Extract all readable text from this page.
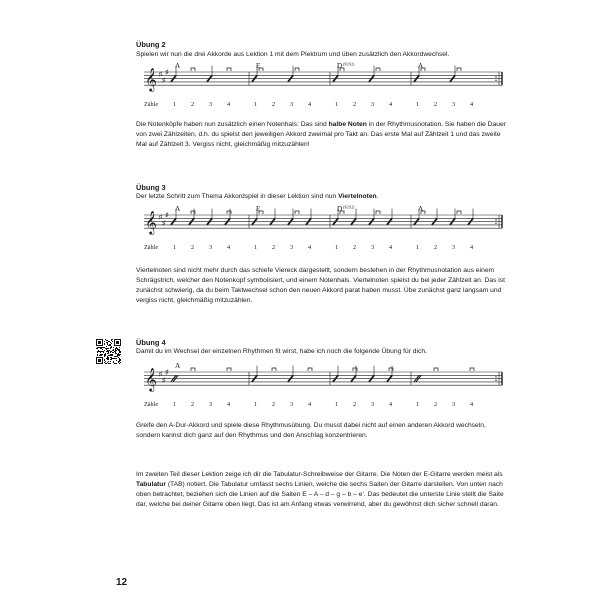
Übung 2
Spielen wir nun die drei Akkorde aus Lektion 1 mit dem Plektrum und üben zusätzlich den Akkordwechsel.
𝄞 ♯
♯
♯
Zähle
A
1 2 3 4
E
1 2 3 4
D (SUS2)
1 2 3 4
A
1 2 3 4
Die Notenköpfe haben nun zusätzlich einen Notenhals: Das sind halbe Noten in der Rhythmusnotation. Sie haben die Dauer von zwei Zählzeiten, d.h. du spielst den jeweiligen Akkord zweimal pro Takt an. Das erste Mal auf Zählzeit 1 und das zweite Mal auf Zählzeit 3. Vergiss nicht, gleichmäßig mitzuzählen!
Übung 3
Der letzte Schritt zum Thema Akkordspiel in dieser Lektion sind nun Viertelnoten.
𝄞 ♯
♯
♯
Zähle
A
1 2 3 4
E
1 2 3 4
D (SUS2)
1 2 3 4
A
1 2 3 4
Viertelnoten sind nicht mehr durch das schiefe Viereck dargestellt, sondern bestehen in der Rhythmusnotation aus einem Schrägstrich, welcher den Notenkopf symbolisiert, und einem Notenhals. Viertelnoten spielst du bei jeder Zählzeit an. Das ist zunächst schwierig, da du beim Taktwechsel schon den neuen Akkord parat haben musst. Übe zunächst ganz langsam und vergiss nicht, gleichmäßig mitzuzählen.
Übung 4
Damit du im Wechsel der einzelnen Rhythmen fit wirst, habe ich noch die folgende Übung für dich.
𝄞 ♯
♯
♯
Zähle
A
1 2 3 4	1 2 3 4	1 2 3 4	1 2 3 4
Greife den A-Dur-Akkord und spiele diese Rhythmusübung. Du musst dabei nicht auf einen anderen Akkord wechseln, sondern kannst dich ganz auf den Rhythmus und den Anschlag konzentrieren.
Im zweiten Teil dieser Lektion zeige ich dir die Tabulatur-Schreibweise der Gitarre. Die Noten der E-Gitarre werden meist als Tabulatur (TAB) notiert. Die Tabulatur umfasst sechs Linien, welche die sechs Saiten der Gitarre darstellen. Von unten nach oben betrachtet, beziehen sich die Linien auf die Saiten E – A – d – g – b – e’. Das bedeutet die unterste Linie stellt die Saite dar, welche bei deiner Gitarre oben liegt. Das ist am Anfang etwas verwirrend, aber du gewöhnst dich sicher schnell daran.
12
